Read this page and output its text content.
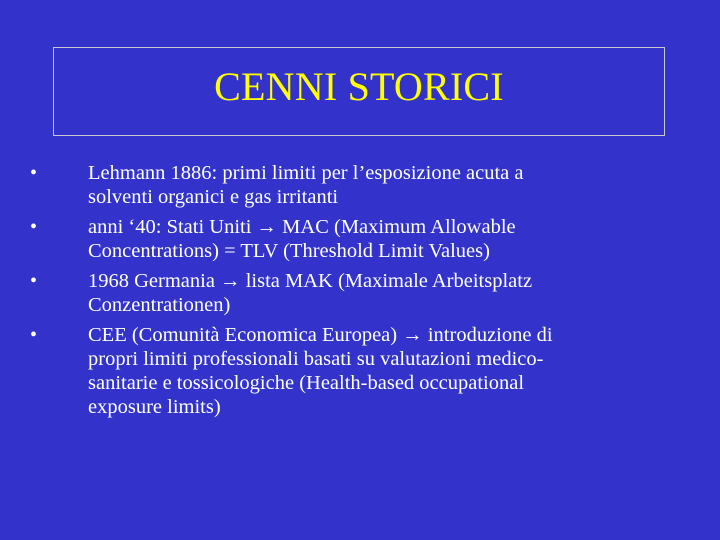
CENNI STORICI
•	Lehmann 1886: primi limiti per l’esposizione acuta a
solventi organici e gas irritanti
•	anni ‘40: Stati Uniti → MAC (Maximum Allowable
Concentrations) = TLV (Threshold Limit Values)
•	1968 Germania → lista MAK (Maximale Arbeitsplatz
Conzentrationen)
•	CEE (Comunità Economica Europea) → introduzione di
propri limiti professionali basati su valutazioni medico-
sanitarie e tossicologiche (Health-based occupational
exposure limits)
